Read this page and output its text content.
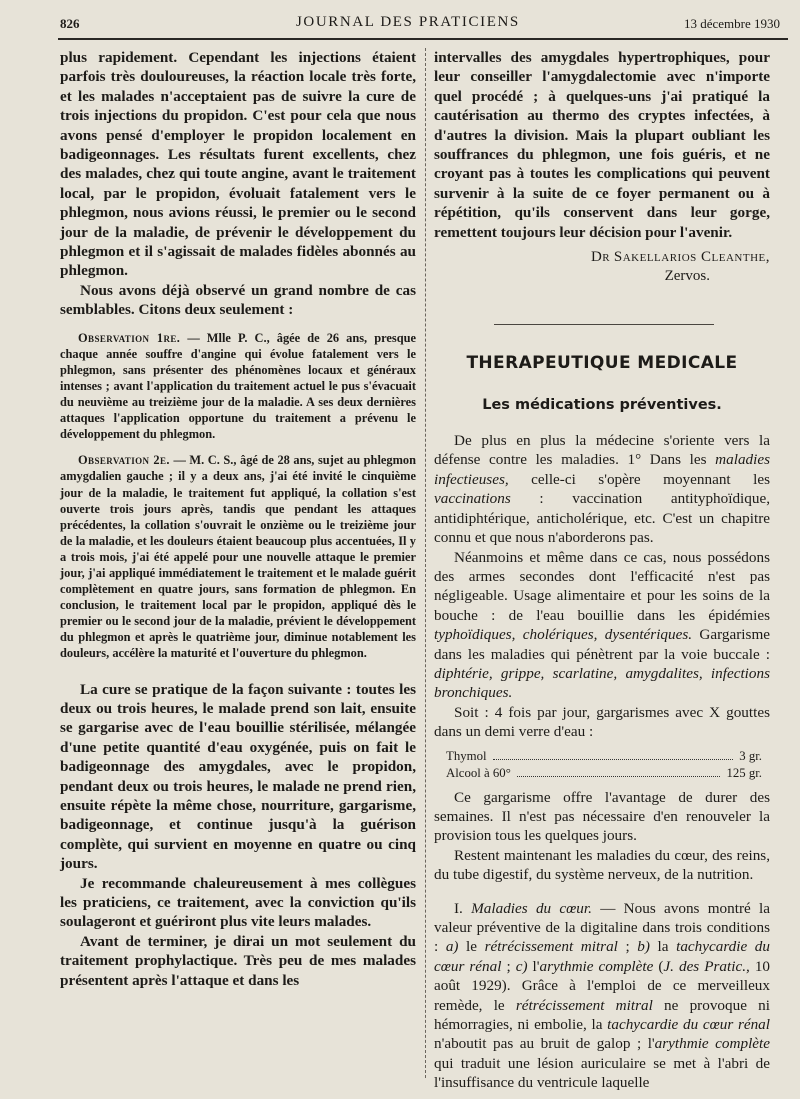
826	JOURNAL DES PRATICIENS	13 décembre 1930

plus rapidement. Cependant les injections étaient parfois très douloureuses, la réaction locale très forte, et les malades n'acceptaient pas de suivre la cure de trois injections du propidon. C'est pour cela que nous avons pensé d'employer le propidon localement en badigeonnages. Les résultats furent excellents, chez des malades, chez qui toute angine, avant le traitement local, par le propidon, évoluait fatalement vers le phlegmon, nous avions réussi, le premier ou le second jour de la maladie, de prévenir le développement du phlegmon et il s'agissait de malades fidèles abonnés au phlegmon.

Nous avons déjà observé un grand nombre de cas semblables. Citons deux seulement :

Observation 1re. — Mlle P. C., âgée de 26 ans, presque chaque année souffre d'angine qui évolue fatalement vers le phlegmon, sans présenter des phénomènes locaux et généraux intenses ; avant l'application du traitement actuel le pus s'évacuait du neuvième au treizième jour de la maladie. A ses deux dernières attaques l'application opportune du traitement a prévenu le développement du phlegmon.

Observation 2e. — M. C. S., âgé de 28 ans, sujet au phlegmon amygdalien gauche ; il y a deux ans, j'ai été invité le cinquième jour de la maladie, le traitement fut appliqué, la collation s'est ouverte trois jours après, tandis que pendant les attaques précédentes, la collation s'ouvrait le onzième ou le treizième jour de la maladie, et les douleurs étaient beaucoup plus accentuées, Il y a trois mois, j'ai été appelé pour une nouvelle attaque le premier jour, j'ai appliqué immédiatement le traitement et le malade guérit complètement en quatre jours, sans formation de phlegmon. En conclusion, le traitement local par le propidon, appliqué dès le premier ou le second jour de la maladie, prévient le développement du phlegmon et après le quatrième jour, diminue notablement les douleurs, accélère la maturité et l'ouverture du phlegmon.

La cure se pratique de la façon suivante : toutes les deux ou trois heures, le malade prend son lait, ensuite se gargarise avec de l'eau bouillie stérilisée, mélangée d'une petite quantité d'eau oxygénée, puis on fait le badigeonnage des amygdales, avec le propidon, pendant deux ou trois heures, le malade ne prend rien, ensuite répète la même chose, nourriture, gargarisme, badigeonnage, et continue jusqu'à la guérison complète, qui survient en moyenne en quatre ou cinq jours.

Je recommande chaleureusement à mes collègues les praticiens, ce traitement, avec la conviction qu'ils soulageront et guériront plus vite leurs malades.

Avant de terminer, je dirai un mot seulement du traitement prophylactique. Très peu de mes malades présentent après l'attaque et dans les

intervalles des amygdales hypertrophiques, pour leur conseiller l'amygdalectomie avec n'importe quel procédé ; à quelques-uns j'ai pratiqué la cautérisation au thermo des cryptes infectées, à d'autres la division. Mais la plupart oubliant les souffrances du phlegmon, une fois guéris, et ne croyant pas à toutes les complications qui peuvent survenir à la suite de ce foyer permanent ou à répétition, qu'ils conservent dans leur gorge, remettent toujours leur décision pour l'avenir.

Dr Sakellarios Cleanthe,
Zervos.
THERAPEUTIQUE MEDICALE
Les médications préventives.

De plus en plus la médecine s'oriente vers la défense contre les maladies. 1° Dans les maladies infectieuses, celle-ci s'opère moyennant les vaccinations : vaccination antityphoïdique, antidiphtérique, anticholérique, etc. C'est un chapitre connu et que nous n'aborderons pas.

Néanmoins et même dans ce cas, nous possédons des armes secondes dont l'efficacité n'est pas négligeable. Usage alimentaire et pour les soins de la bouche : de l'eau bouillie dans les épidémies typhoïdiques, cholériques, dysentériques. Gargarisme dans les maladies qui pénètrent par la voie buccale : diphtérie, grippe, scarlatine, amygdalites, infections bronchiques.

Soit : 4 fois par jour, gargarismes avec X gouttes dans un demi verre d'eau :

Thymol	3 gr.
Alcool à 60°	125 gr.

Ce gargarisme offre l'avantage de durer des semaines. Il n'est pas nécessaire d'en renouveler la provision tous les quelques jours.

Restent maintenant les maladies du cœur, des reins, du tube digestif, du système nerveux, de la nutrition.

I. Maladies du cœur. — Nous avons montré la valeur préventive de la digitaline dans trois conditions : a) le rétrécissement mitral ; b) la tachycardie du cœur rénal ; c) l'arythmie complète (J. des Pratic., 10 août 1929). Grâce à l'emploi de ce merveilleux remède, le rétrécissement mitral ne provoque ni hémorragies, ni embolie, la tachycardie du cœur rénal n'aboutit pas au bruit de galop ; l'arythmie complète qui traduit une lésion auriculaire se met à l'abri de l'insuffisance du ventricule laquelle
